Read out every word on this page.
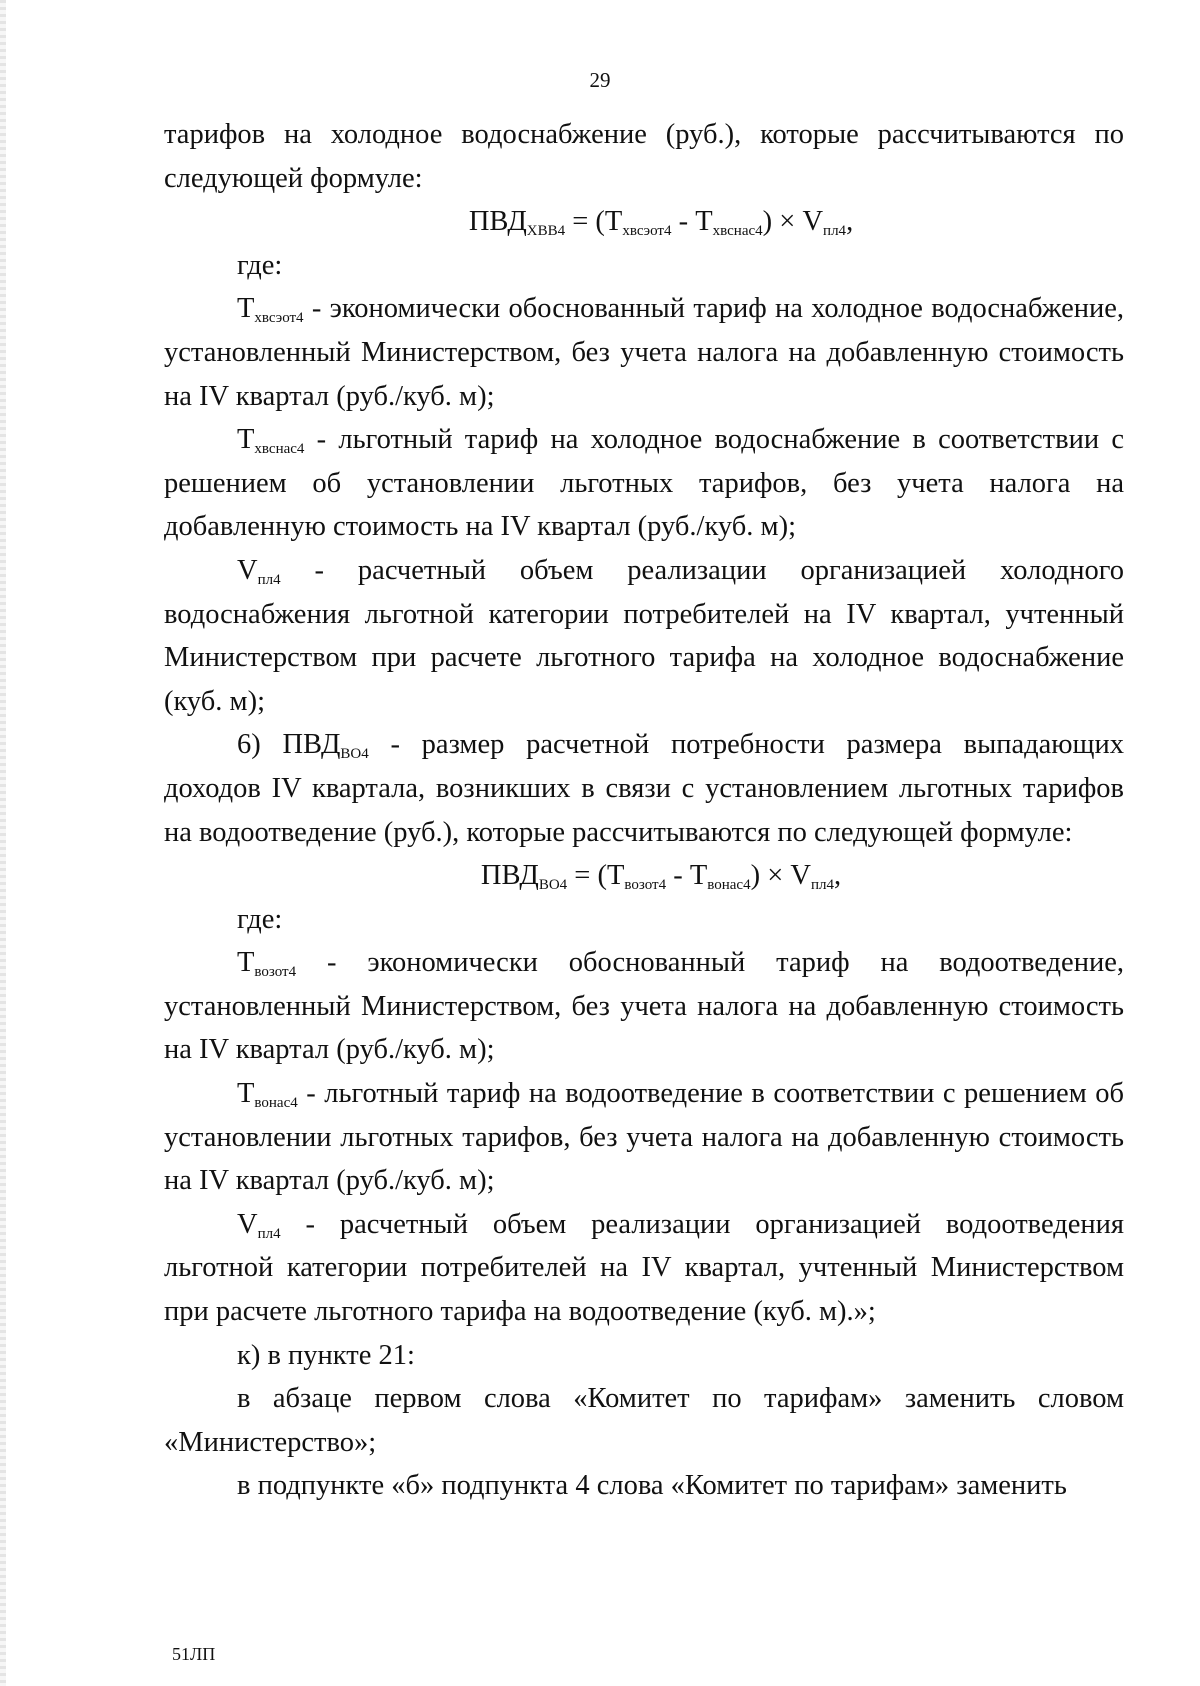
29

тарифов на холодное водоснабжение (руб.), которые рассчитываются по следующей формуле:

$ПВД_{ХВВ4} = (Т_{хвсэот4} - Т_{хвснас4}) \times V_{пл4}$,

где:

$Т_{хвсэот4}$ - экономически обоснованный тариф на холодное водоснабжение, установленный Министерством, без учета налога на добавленную стоимость на IV квартал (руб./куб. м);

$Т_{хвснас4}$ - льготный тариф на холодное водоснабжение в соответствии с решением об установлении льготных тарифов, без учета налога на добавленную стоимость на IV квартал (руб./куб. м);

$V_{пл4}$ - расчетный объем реализации организацией холодного водоснабжения льготной категории потребителей на IV квартал, учтенный Министерством при расчете льготного тарифа на холодное водоснабжение (куб. м);

6) $ПВД_{ВО4}$ - размер расчетной потребности размера выпадающих доходов IV квартала, возникших в связи с установлением льготных тарифов на водоотведение (руб.), которые рассчитываются по следующей формуле:

$ПВД_{ВО4} = (Т_{возот4} - Т_{вонас4}) \times V_{пл4}$,

где:

$Т_{возот4}$ - экономически обоснованный тариф на водоотведение, установленный Министерством, без учета налога на добавленную стоимость на IV квартал (руб./куб. м);

$Т_{вонас4}$ - льготный тариф на водоотведение в соответствии с решением об установлении льготных тарифов, без учета налога на добавленную стоимость на IV квартал (руб./куб. м);

$V_{пл4}$ - расчетный объем реализации организацией водоотведения льготной категории потребителей на IV квартал, учтенный Министерством при расчете льготного тарифа на водоотведение (куб. м).»;

к) в пункте 21:

в абзаце первом слова «Комитет по тарифам» заменить словом «Министерство»;

в подпункте «б» подпункта 4 слова «Комитет по тарифам» заменить

51ЛП
